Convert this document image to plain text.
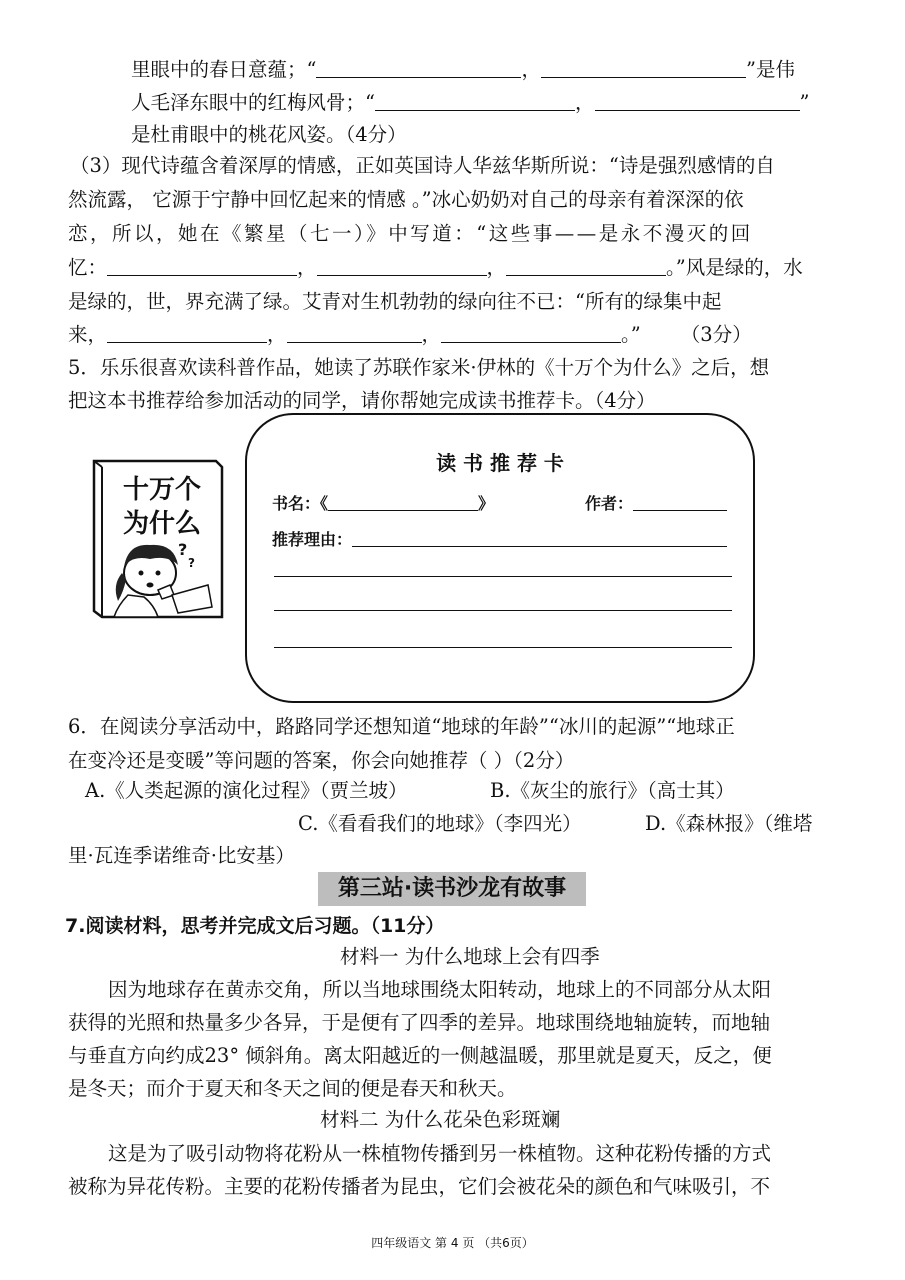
里眼中的春日意蕴；“	，	”是伟
人毛泽东眼中的红梅风骨；“	，	”
是杜甫眼中的桃花风姿。（4分）
（3）现代诗蕴含着深厚的情感，正如英国诗人华兹华斯所说：“诗是强烈感情的自
然流露， 它源于宁静中回忆起来的情感 。”冰心奶奶对自己的母亲有着深深的依
恋，所以，她在《繁星（七一）》中写道：“这些事——是永不漫灭的回
忆：	，	，	。”风是绿的，水
是绿的，世，界充满了绿。艾青对生机勃勃的绿向往不已：“所有的绿集中起
来，	，	，	。” （3分）
5．乐乐很喜欢读科普作品，她读了苏联作家米·伊林的《十万个为什么》之后，想
把这本书推荐给参加活动的同学，请你帮她完成读书推荐卡。（4分）
?
?
十万个
为什么
读 书 推 荐 卡
书名：《	》	作者：
推荐理由：
6．在阅读分享活动中，路路同学还想知道“地球的年龄”“冰川的起源”“地球正
在变冷还是变暖”等问题的答案，你会向她推荐（ ）（2分）
A.《人类起源的演化过程》（贾兰坡）	B.《灰尘的旅行》（高士其）
C.《看看我们的地球》（李四光）	D.《森林报》（维塔
里·瓦连季诺维奇·比安基）
第三站·读书沙龙有故事
7.阅读材料，思考并完成文后习题。（11分）
材料一 为什么地球上会有四季
因为地球存在黄赤交角，所以当地球围绕太阳转动，地球上的不同部分从太阳
获得的光照和热量多少各异，于是便有了四季的差异。地球围绕地轴旋转，而地轴
与垂直方向约成23° 倾斜角。离太阳越近的一侧越温暖，那里就是夏天，反之，便
是冬天；而介于夏天和冬天之间的便是春天和秋天。
材料二 为什么花朵色彩斑斓
这是为了吸引动物将花粉从一株植物传播到另一株植物。这种花粉传播的方式
被称为异花传粉。主要的花粉传播者为昆虫，它们会被花朵的颜色和气味吸引，不
四年级语文 第 4 页 （共6页）
